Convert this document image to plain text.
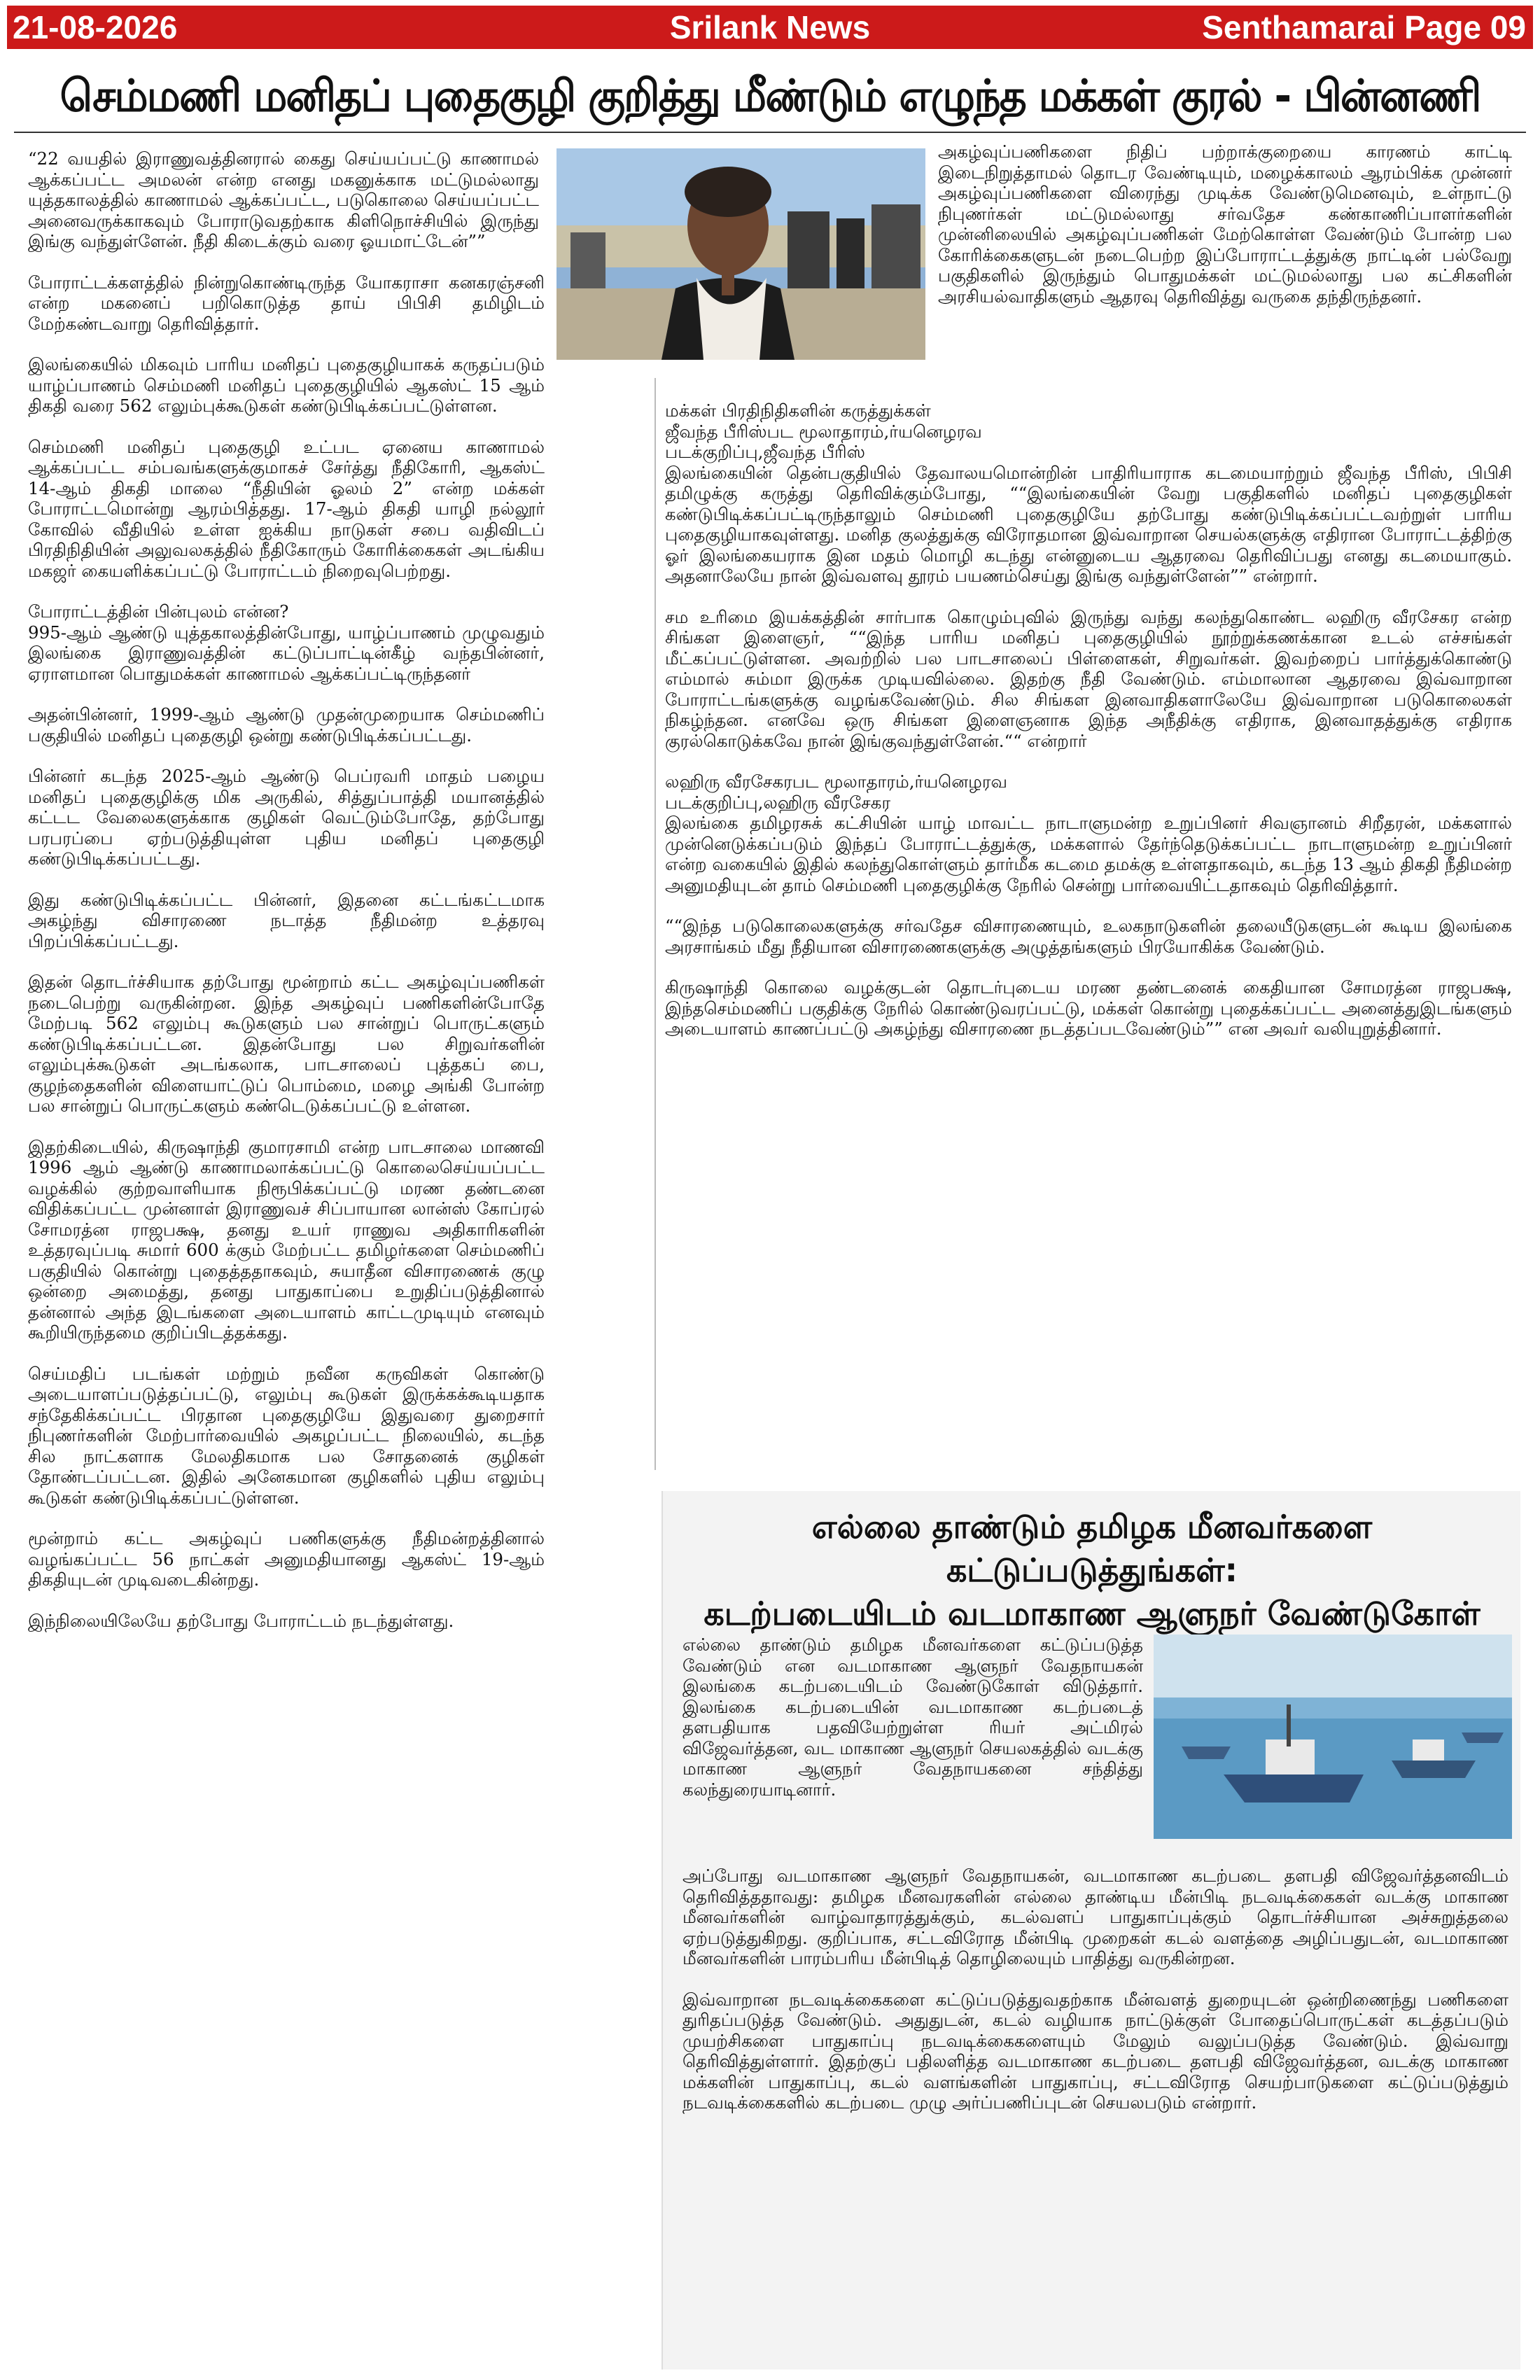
21-08-2026	Srilank News	Senthamarai Page 09
செம்மணி மனிதப் புதைகுழி குறித்து மீண்டும் எழுந்த மக்கள் குரல் - பின்னணி

“22 வயதில் இராணுவத்தினரால் கைது செய்யப்பட்டு காணாமல் ஆக்கப்பட்ட அமலன் என்ற எனது மகனுக்காக மட்டுமல்லாது யுத்தகாலத்தில் காணாமல் ஆக்கப்பட்ட, படுகொலை செய்யப்பட்ட அனைவருக்காகவும் போராடுவதற்காக கிளிநொச்சியில் இருந்து இங்கு வந்துள்ளேன். நீதி கிடைக்கும் வரை ஓயமாட்டேன்””

போராட்டக்களத்தில் நின்றுகொண்டிருந்த யோகராசா கனகரஞ்சனி என்ற மகனைப் பறிகொடுத்த தாய் பிபிசி தமிழிடம் மேற்கண்டவாறு தெரிவித்தார்.

இலங்கையில் மிகவும் பாரிய மனிதப் புதைகுழியாகக் கருதப்படும் யாழ்ப்பாணம் செம்மணி மனிதப் புதைகுழியில் ஆகஸ்ட் 15 ஆம் திகதி வரை 562 எலும்புக்கூடுகள் கண்டுபிடிக்கப்பட்டுள்ளன.

செம்மணி மனிதப் புதைகுழி உட்பட ஏனைய காணாமல் ஆக்கப்பட்ட சம்பவங்களுக்குமாகச் சேர்த்து நீதிகோரி, ஆகஸ்ட் 14-ஆம் திகதி மாலை “நீதியின் ஓலம் 2” என்ற மக்கள் போராட்டமொன்று ஆரம்பித்தது. 17-ஆம் திகதி யாழி நல்லூர் கோவில் வீதியில் உள்ள ஐக்கிய நாடுகள் சபை வதிவிடப் பிரதிநிதியின் அலுவலகத்தில் நீதிகோரும் கோரிக்கைகள் அடங்கிய மகஜர் கையளிக்கப்பட்டு போராட்டம் நிறைவுபெற்றது.

போராட்டத்தின் பின்புலம் என்ன?
995-ஆம் ஆண்டு யுத்தகாலத்தின்போது, யாழ்ப்பாணம் முழுவதும் இலங்கை இராணுவத்தின் கட்டுப்பாட்டின்கீழ் வந்தபின்னர், ஏராளமான பொதுமக்கள் காணாமல் ஆக்கப்பட்டிருந்தனர்

அதன்பின்னர், 1999-ஆம் ஆண்டு முதன்முறையாக செம்மணிப் பகுதியில் மனிதப் புதைகுழி ஒன்று கண்டுபிடிக்கப்பட்டது.

பின்னர் கடந்த 2025-ஆம் ஆண்டு பெப்ரவரி மாதம் பழைய மனிதப் புதைகுழிக்கு மிக அருகில், சித்துப்பாத்தி மயானத்தில் கட்டட வேலைகளுக்காக குழிகள் வெட்டும்போதே, தற்போது பரபரப்பை ஏற்படுத்தியுள்ள புதிய மனிதப் புதைகுழி கண்டுபிடிக்கப்பட்டது.

இது கண்டுபிடிக்கப்பட்ட பின்னர், இதனை கட்டங்கட்டமாக அகழ்ந்து விசாரணை நடாத்த நீதிமன்ற உத்தரவு பிறப்பிக்கப்பட்டது.

இதன் தொடர்ச்சியாக தற்போது மூன்றாம் கட்ட அகழ்வுப்பணிகள் நடைபெற்று வருகின்றன. இந்த அகழ்வுப் பணிகளின்போதே மேற்படி 562 எலும்பு கூடுகளும் பல சான்றுப் பொருட்களும் கண்டுபிடிக்கப்பட்டன. இதன்போது பல சிறுவர்களின் எலும்புக்கூடுகள் அடங்கலாக, பாடசாலைப் புத்தகப் பை, குழந்தைகளின் விளையாட்டுப் பொம்மை, மழை அங்கி போன்ற பல சான்றுப் பொருட்களும் கண்டெடுக்கப்பட்டு உள்ளன.

இதற்கிடையில், கிருஷாந்தி குமாரசாமி என்ற பாடசாலை மாணவி 1996 ஆம் ஆண்டு காணாமலாக்கப்பட்டு கொலைசெய்யப்பட்ட வழக்கில் குற்றவாளியாக நிரூபிக்கப்பட்டு மரண தண்டனை விதிக்கப்பட்ட முன்னாள் இராணுவச் சிப்பாயான லான்ஸ் கோப்ரல் சோமரத்ன ராஜபக்ஷ, தனது உயர் ராணுவ அதிகாரிகளின் உத்தரவுப்படி சுமார் 600 க்கும் மேற்பட்ட தமிழர்களை செம்மணிப் பகுதியில் கொன்று புதைத்ததாகவும், சுயாதீன விசாரணைக் குழு ஒன்றை அமைத்து, தனது பாதுகாப்பை உறுதிப்படுத்தினால் தன்னால் அந்த இடங்களை அடையாளம் காட்டமுடியும் எனவும் கூறியிருந்தமை குறிப்பிடத்தக்கது.

செய்மதிப் படங்கள் மற்றும் நவீன கருவிகள் கொண்டு அடையாளப்படுத்தப்பட்டு, எலும்பு கூடுகள் இருக்கக்கூடியதாக சந்தேகிக்கப்பட்ட பிரதான புதைகுழியே இதுவரை துறைசார் நிபுணர்களின் மேற்பார்வையில் அகழப்பட்ட நிலையில், கடந்த சில நாட்களாக மேலதிகமாக பல சோதனைக் குழிகள் தோண்டப்பட்டன. இதில் அனேகமான குழிகளில் புதிய எலும்பு கூடுகள் கண்டுபிடிக்கப்பட்டுள்ளன.

மூன்றாம் கட்ட அகழ்வுப் பணிகளுக்கு நீதிமன்றத்தினால் வழங்கப்பட்ட 56 நாட்கள் அனுமதியானது ஆகஸ்ட் 19-ஆம் திகதியுடன் முடிவடைகின்றது.

இந்நிலையிலேயே தற்போது போராட்டம் நடந்துள்ளது.

அகழ்வுப்பணிகளை நிதிப் பற்றாக்குறையை காரணம் காட்டி இடைநிறுத்தாமல் தொடர வேண்டியும், மழைக்காலம் ஆரம்பிக்க முன்னர் அகழ்வுப்பணிகளை விரைந்து முடிக்க வேண்டுமெனவும், உள்நாட்டு நிபுணர்கள் மட்டுமல்லாது சர்வதேச கண்காணிப்பாளர்களின் முன்னிலையில் அகழ்வுப்பணிகள் மேற்கொள்ள வேண்டும் போன்ற பல கோரிக்கைகளுடன் நடைபெற்ற இப்போராட்டத்துக்கு நாட்டின் பல்வேறு பகுதிகளில் இருந்தும் பொதுமக்கள் மட்டுமல்லாது பல கட்சிகளின் அரசியல்வாதிகளும் ஆதரவு தெரிவித்து வருகை தந்திருந்தனர்.

மக்கள் பிரதிநிதிகளின் கருத்துக்கள்
ஜீவந்த பீரிஸ்பட மூலாதாரம்,ர்யனெழரவ
படக்குறிப்பு,ஜீவந்த பீரிஸ்
இலங்கையின் தென்பகுதியில் தேவாலயமொன்றின் பாதிரியாராக கடமையாற்றும் ஜீவந்த பீரிஸ், பிபிசி தமிழுக்கு கருத்து தெரிவிக்கும்போது, ““இலங்கையின் வேறு பகுதிகளில் மனிதப் புதைகுழிகள் கண்டுபிடிக்கப்பட்டிருந்தாலும் செம்மணி புதைகுழியே தற்போது கண்டுபிடிக்கப்பட்டவற்றுள் பாரிய புதைகுழியாகவுள்ளது. மனித குலத்துக்கு விரோதமான இவ்வாறான செயல்களுக்கு எதிரான போராட்டத்திற்கு ஓர் இலங்கையராக இன மதம் மொழி கடந்து என்னுடைய ஆதரவை தெரிவிப்பது எனது கடமையாகும். அதனாலேயே நான் இவ்வளவு தூரம் பயணம்செய்து இங்கு வந்துள்ளேன்”” என்றார்.

சம உரிமை இயக்கத்தின் சார்பாக கொழும்புவில் இருந்து வந்து கலந்துகொண்ட லஹிரு வீரசேகர என்ற சிங்கள இளைஞர், ““இந்த பாரிய மனிதப் புதைகுழியில் நூற்றுக்கணக்கான உடல் எச்சங்கள் மீட்கப்பட்டுள்ளன. அவற்றில் பல பாடசாலைப் பிள்ளைகள், சிறுவர்கள். இவற்றைப் பார்த்துக்கொண்டு எம்மால் சும்மா இருக்க முடியவில்லை. இதற்கு நீதி வேண்டும். எம்மாலான ஆதரவை இவ்வாறான போராட்டங்களுக்கு வழங்கவேண்டும். சில சிங்கள இனவாதிகளாலேயே இவ்வாறான படுகொலைகள் நிகழ்ந்தன. எனவே ஒரு சிங்கள இளைஞனாக இந்த அநீதிக்கு எதிராக, இனவாதத்துக்கு எதிராக குரல்கொடுக்கவே நான் இங்குவந்துள்ளேன்.““ என்றார்

லஹிரு வீரசேகரபட மூலாதாரம்,ர்யனெழரவ
படக்குறிப்பு,லஹிரு வீரசேகர
இலங்கை தமிழரசுக் கட்சியின் யாழ் மாவட்ட நாடாளுமன்ற உறுப்பினர் சிவஞானம் சிறீதரன், மக்களால் முன்னெடுக்கப்படும் இந்தப் போராட்டத்துக்கு, மக்களால் தேர்ந்தெடுக்கப்பட்ட நாடாளுமன்ற உறுப்பினர் என்ற வகையில் இதில் கலந்துகொள்ளும் தார்மீக கடமை தமக்கு உள்ளதாகவும், கடந்த 13 ஆம் திகதி நீதிமன்ற அனுமதியுடன் தாம் செம்மணி புதைகுழிக்கு நேரில் சென்று பார்வையிட்டதாகவும் தெரிவித்தார்.

““இந்த படுகொலைகளுக்கு சர்வதேச விசாரணையும், உலகநாடுகளின் தலையீடுகளுடன் கூடிய இலங்கை அரசாங்கம் மீது நீதியான விசாரணைகளுக்கு அழுத்தங்களும் பிரயோகிக்க வேண்டும்.

கிருஷாந்தி கொலை வழக்குடன் தொடர்புடைய மரண தண்டனைக் கைதியான சோமரத்ன ராஜபக்ஷ, இந்தசெம்மணிப் பகுதிக்கு நேரில் கொண்டுவரப்பட்டு, மக்கள் கொன்று புதைக்கப்பட்ட அனைத்துஇடங்களும் அடையாளம் காணப்பட்டு அகழ்ந்து விசாரணை நடத்தப்படவேண்டும்”” என அவர் வலியுறுத்தினார்.

எல்லை தாண்டும் தமிழக மீனவர்களை கட்டுப்படுத்துங்கள்:
கடற்படையிடம் வடமாகாண ஆளுநர் வேண்டுகோள்

எல்லை தாண்டும் தமிழக மீனவர்களை கட்டுப்படுத்த வேண்டும் என வடமாகாண ஆளுநர் வேதநாயகன் இலங்கை கடற்படையிடம் வேண்டுகோள் விடுத்தார். இலங்கை கடற்படையின் வடமாகாண கடற்படைத் தளபதியாக பதவியேற்றுள்ள ரியர் அட்மிரல் விஜேவர்த்தன, வட மாகாண ஆளுநர் செயலகத்தில் வடக்கு மாகாண ஆளுநர் வேதநாயகனை சந்தித்து கலந்துரையாடினார்.

அப்போது வடமாகாண ஆளுநர் வேதநாயகன், வடமாகாண கடற்படை தளபதி விஜேவர்த்தனவிடம் தெரிவித்ததாவது: தமிழக மீனவரகளின் எல்லை தாண்டிய மீன்பிடி நடவடிக்கைகள் வடக்கு மாகாண மீனவர்களின் வாழ்வாதாரத்துக்கும், கடல்வளப் பாதுகாப்புக்கும் தொடர்ச்சியான அச்சுறுத்தலை ஏற்படுத்துகிறது. குறிப்பாக, சட்டவிரோத மீன்பிடி முறைகள் கடல் வளத்தை அழிப்பதுடன், வடமாகாண மீனவர்களின் பாரம்பரிய மீன்பிடித் தொழிலையும் பாதித்து வருகின்றன.

இவ்வாறான நடவடிக்கைகளை கட்டுப்படுத்துவதற்காக மீன்வளத் துறையுடன் ஒன்றிணைந்து பணிகளை துரிதப்படுத்த வேண்டும். அதுதுடன், கடல் வழியாக நாட்டுக்குள் போதைப்பொருட்கள் கடத்தப்படும் முயற்சிகளை பாதுகாப்பு நடவடிக்கைகளையும் மேலும் வலுப்படுத்த வேண்டும். இவ்வாறு தெரிவித்துள்ளார். இதற்குப் பதிலளித்த வடமாகாண கடற்படை தளபதி விஜேவர்த்தன, வடக்கு மாகாண மக்களின் பாதுகாப்பு, கடல் வளங்களின் பாதுகாப்பு, சட்டவிரோத செயற்பாடுகளை கட்டுப்படுத்தும் நடவடிக்கைகளில் கடற்படை முழு அர்ப்பணிப்புடன் செயலபடும் என்றார்.
